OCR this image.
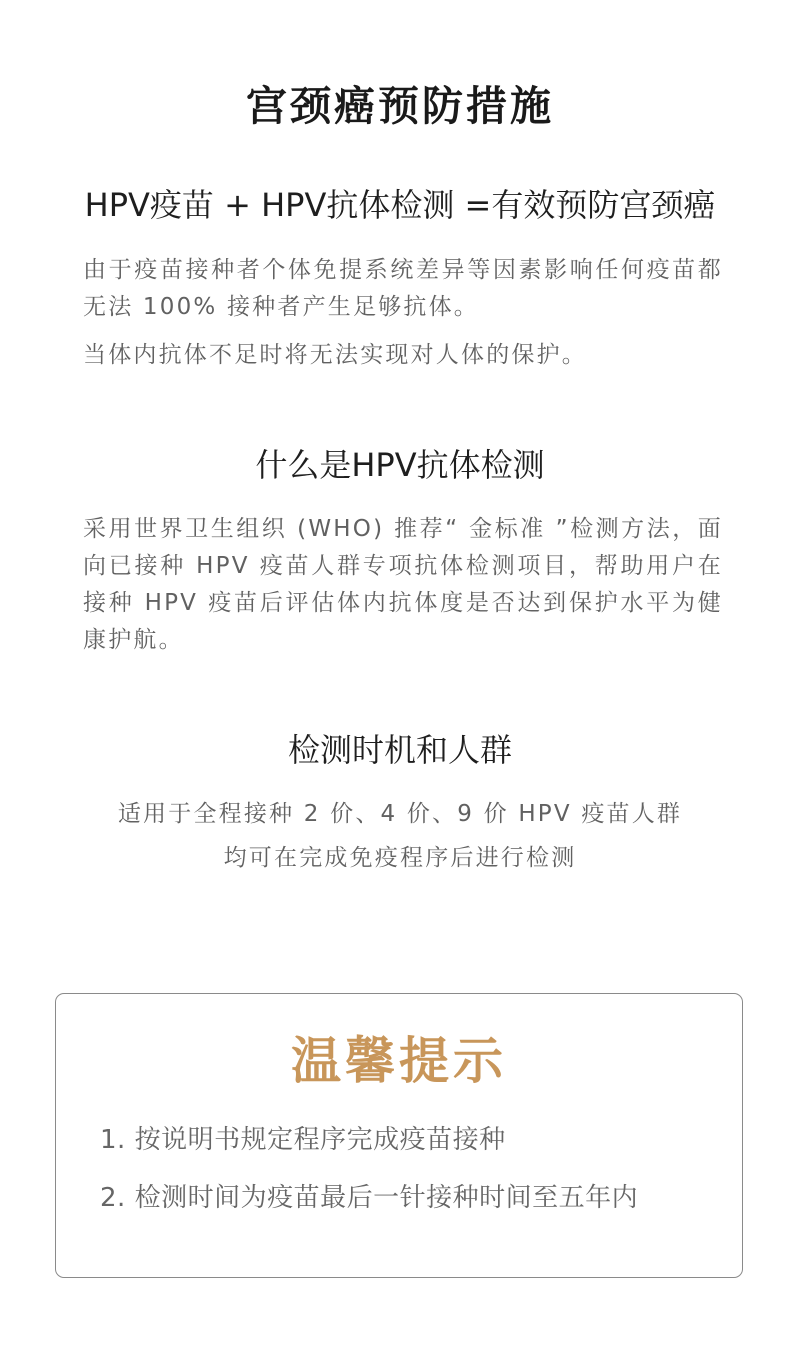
宫颈癌预防措施
HPV疫苗 + HPV抗体检测 =有效预防宫颈癌

由于疫苗接种者个体免提系统差异等因素影响任何疫苗都无法 100% 接种者产生足够抗体。

当体内抗体不足时将无法实现对人体的保护。

什么是HPV抗体检测

采用世界卫生组织 (WHO) 推荐“ 金标准 ”检测方法，面向已接种 HPV 疫苗人群专项抗体检测项目，帮助用户在接种 HPV 疫苗后评估体内抗体度是否达到保护水平为健康护航。

检测时机和人群
适用于全程接种 2 价、4 价、9 价 HPV 疫苗人群
均可在完成免疫程序后进行检测
温馨提示
1. 按说明书规定程序完成疫苗接种
2. 检测时间为疫苗最后一针接种时间至五年内
